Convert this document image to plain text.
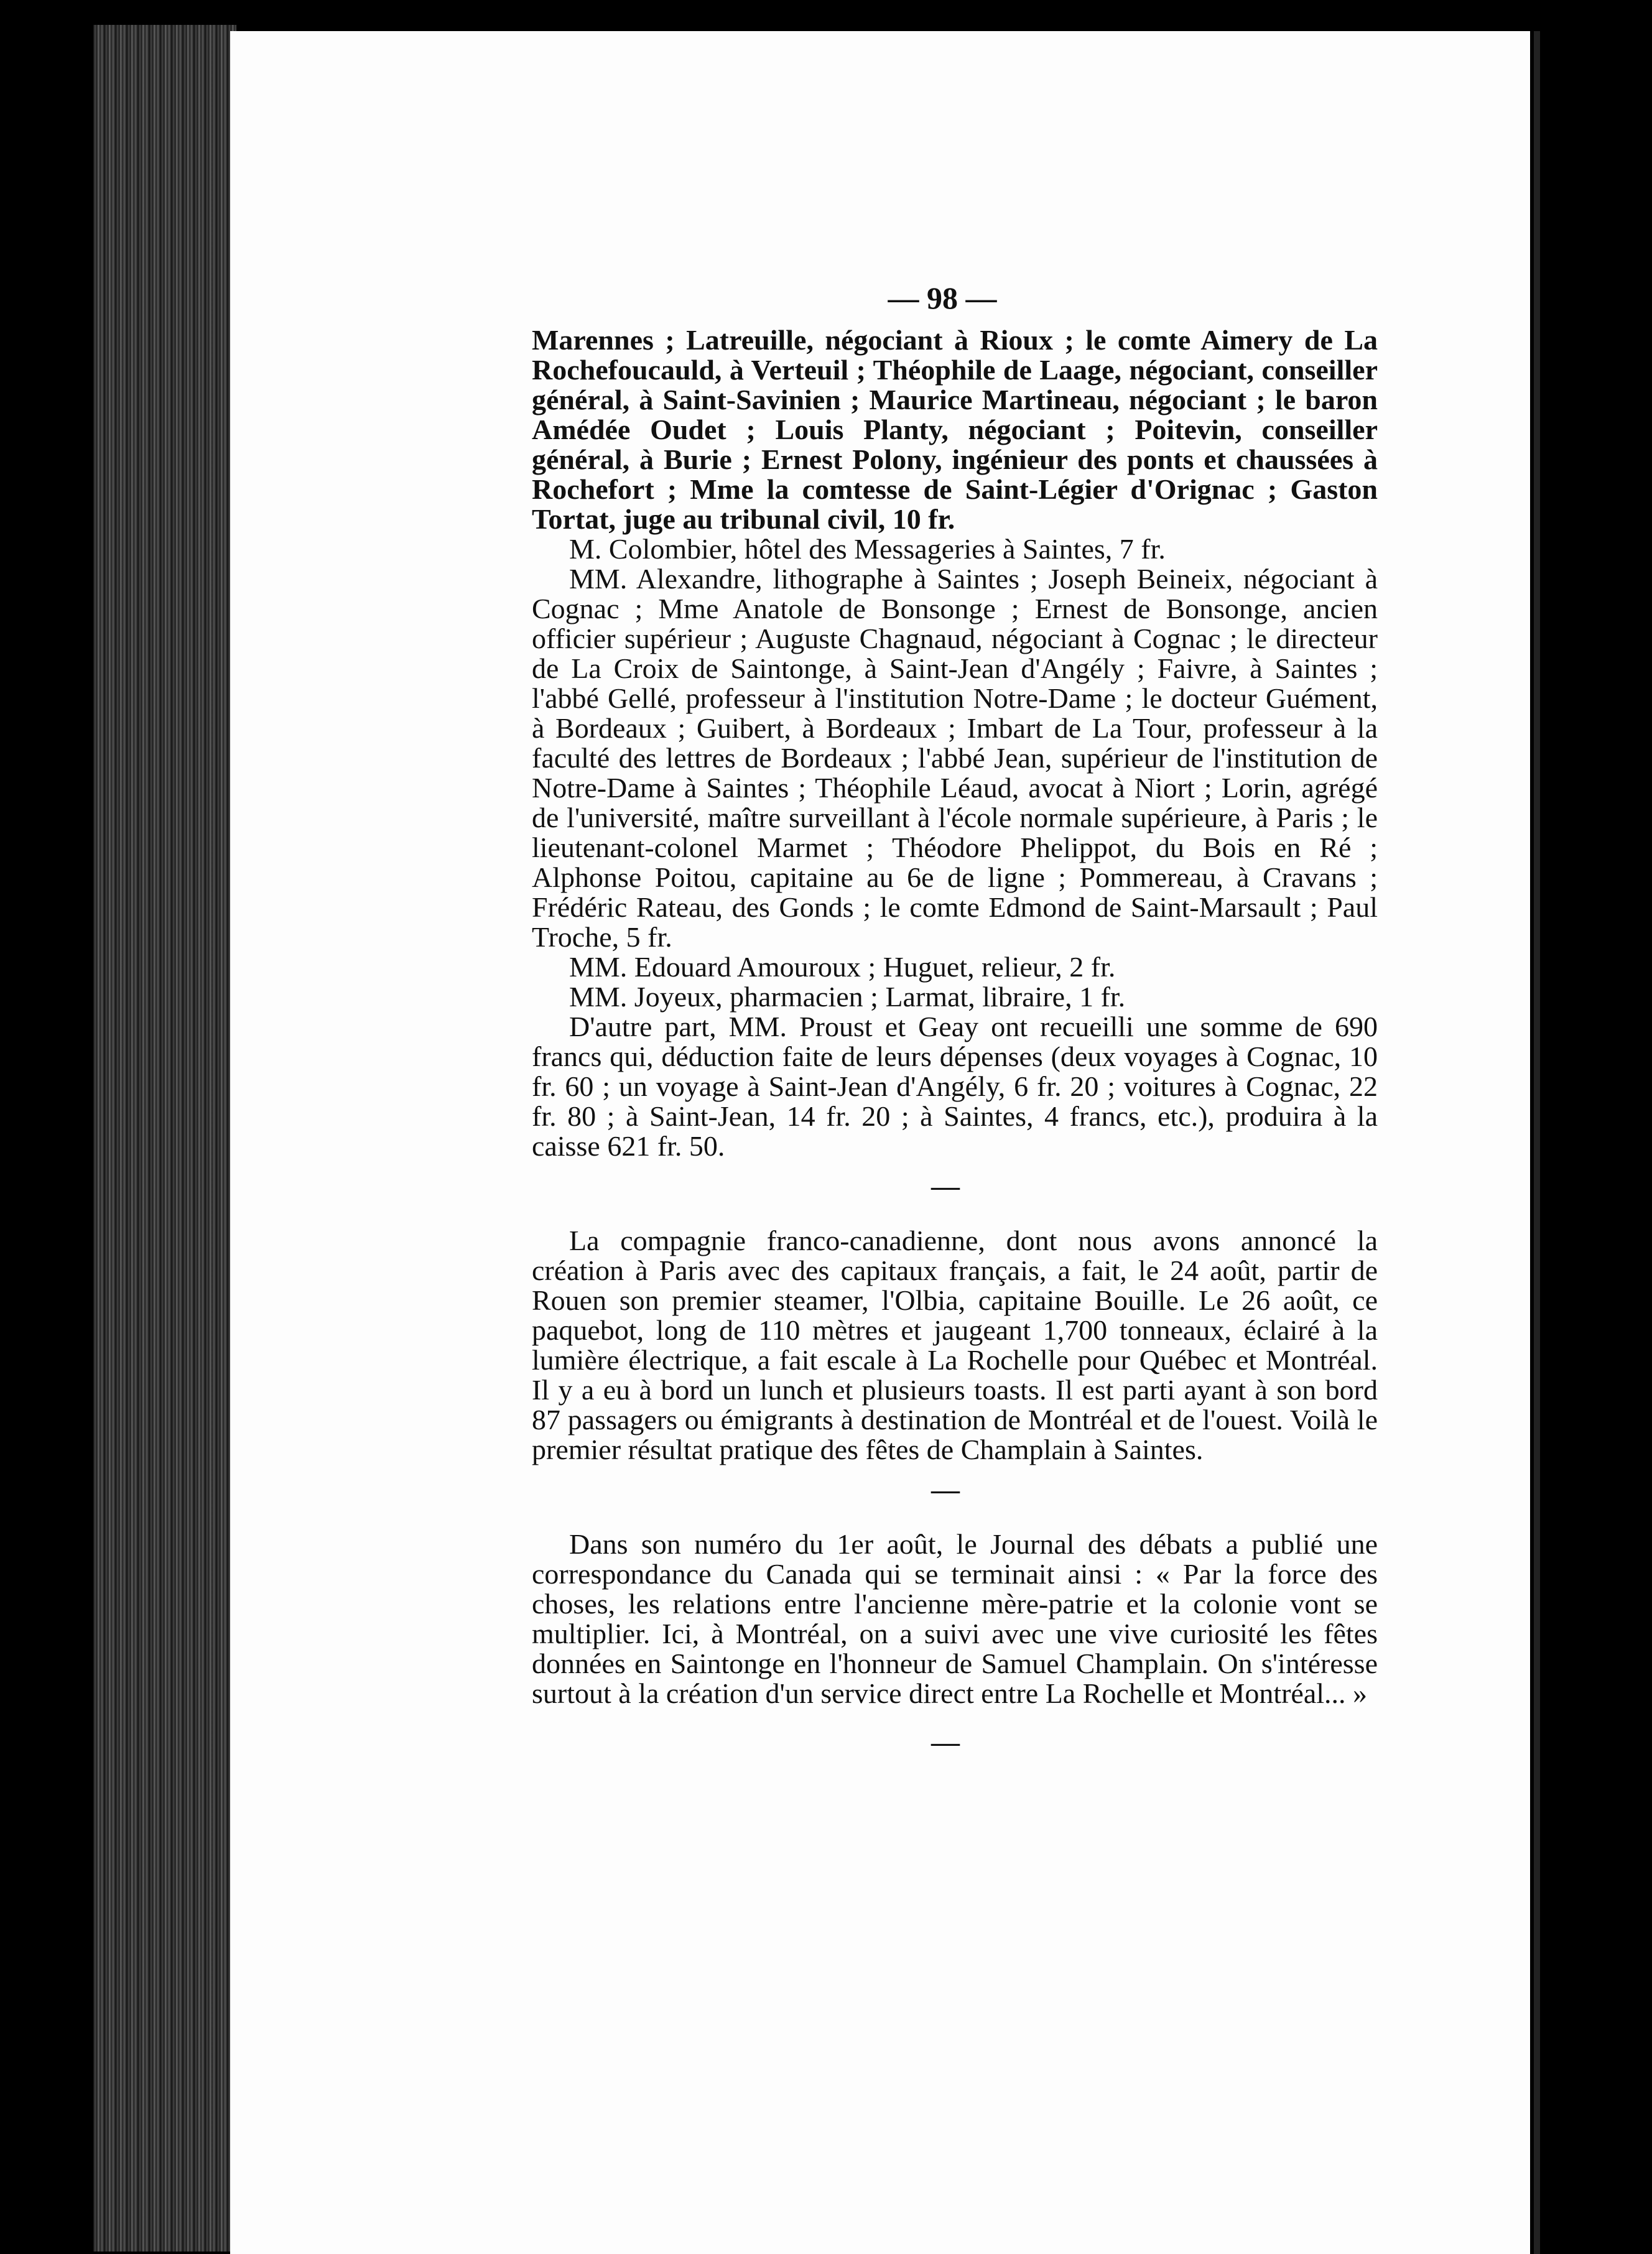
— 98 —

Marennes ; Latreuille, négociant à Rioux ; le comte Aimery de La Rochefoucauld, à Verteuil ; Théophile de Laage, négociant, conseiller général, à Saint-Savinien ; Maurice Martineau, négociant ; le baron Amédée Oudet ; Louis Planty, négociant ; Poitevin, conseiller général, à Burie ; Ernest Polony, ingénieur des ponts et chaussées à Rochefort ; Mme la comtesse de Saint-Légier d'Orignac ; Gaston Tortat, juge au tribunal civil, 10 fr.

M. Colombier, hôtel des Messageries à Saintes, 7 fr.

MM. Alexandre, lithographe à Saintes ; Joseph Beineix, négociant à Cognac ; Mme Anatole de Bonsonge ; Ernest de Bonsonge, ancien officier supérieur ; Auguste Chagnaud, négociant à Cognac ; le directeur de La Croix de Saintonge, à Saint-Jean d'Angély ; Faivre, à Saintes ; l'abbé Gellé, professeur à l'institution Notre-Dame ; le docteur Guément, à Bordeaux ; Guibert, à Bordeaux ; Imbart de La Tour, professeur à la faculté des lettres de Bordeaux ; l'abbé Jean, supérieur de l'institution de Notre-Dame à Saintes ; Théophile Léaud, avocat à Niort ; Lorin, agrégé de l'université, maître surveillant à l'école normale supérieure, à Paris ; le lieutenant-colonel Marmet ; Théodore Phelippot, du Bois en Ré ; Alphonse Poitou, capitaine au 6e de ligne ; Pommereau, à Cravans ; Frédéric Rateau, des Gonds ; le comte Edmond de Saint-Marsault ; Paul Troche, 5 fr.

MM. Edouard Amouroux ; Huguet, relieur, 2 fr.

MM. Joyeux, pharmacien ; Larmat, libraire, 1 fr.

D'autre part, MM. Proust et Geay ont recueilli une somme de 690 francs qui, déduction faite de leurs dépenses (deux voyages à Cognac, 10 fr. 60 ; un voyage à Saint-Jean d'Angély, 6 fr. 20 ; voitures à Cognac, 22 fr. 80 ; à Saint-Jean, 14 fr. 20 ; à Saintes, 4 francs, etc.), produira à la caisse 621 fr. 50.

—

La compagnie franco-canadienne, dont nous avons annoncé la création à Paris avec des capitaux français, a fait, le 24 août, partir de Rouen son premier steamer, l'Olbia, capitaine Bouille. Le 26 août, ce paquebot, long de 110 mètres et jaugeant 1,700 tonneaux, éclairé à la lumière électrique, a fait escale à La Rochelle pour Québec et Montréal. Il y a eu à bord un lunch et plusieurs toasts. Il est parti ayant à son bord 87 passagers ou émigrants à destination de Montréal et de l'ouest. Voilà le premier résultat pratique des fêtes de Champlain à Saintes.

—

Dans son numéro du 1er août, le Journal des débats a publié une correspondance du Canada qui se terminait ainsi : « Par la force des choses, les relations entre l'ancienne mère-patrie et la colonie vont se multiplier. Ici, à Montréal, on a suivi avec une vive curiosité les fêtes données en Saintonge en l'honneur de Samuel Champlain. On s'intéresse surtout à la création d'un service direct entre La Rochelle et Montréal... »

—
